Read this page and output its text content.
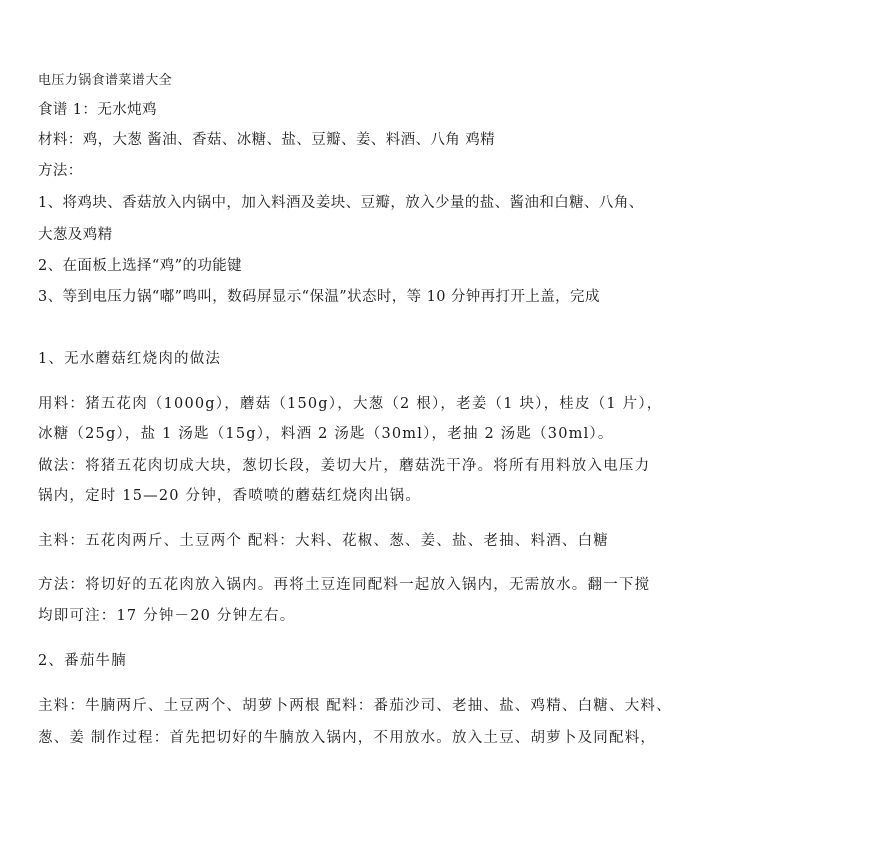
电压力锅食谱菜谱大全

食谱 1：无水炖鸡

材料：鸡，大葱 酱油、香菇、冰糖、盐、豆瓣、姜、料酒、八角 鸡精

方法：

1、将鸡块、香菇放入内锅中，加入料酒及姜块、豆瓣，放入少量的盐、酱油和白糖、八角、

大葱及鸡精

2、在面板上选择“鸡”的功能键

3、等到电压力锅“嘟”鸣叫，数码屏显示“保温”状态时，等 10 分钟再打开上盖，完成

1、无水蘑菇红烧肉的做法

用料：猪五花肉（1000g），蘑菇（150g），大葱（2 根），老姜（1 块），桂皮（1 片），

冰糖（25g），盐 1 汤匙（15g），料酒 2 汤匙（30ml），老抽 2 汤匙（30ml）。

做法：将猪五花肉切成大块，葱切长段，姜切大片，蘑菇洗干净。将所有用料放入电压力

锅内，定时 15—20 分钟，香喷喷的蘑菇红烧肉出锅。

主料：五花肉两斤、土豆两个 配料：大料、花椒、葱、姜、盐、老抽、料酒、白糖

方法：将切好的五花肉放入锅内。再将土豆连同配料一起放入锅内，无需放水。翻一下搅

均即可注：17 分钟－20 分钟左右。

2、番茄牛腩

主料：牛腩两斤、土豆两个、胡萝卜两根 配料：番茄沙司、老抽、盐、鸡精、白糖、大料、

葱、姜 制作过程：首先把切好的牛腩放入锅内，不用放水。放入土豆、胡萝卜及同配料，
